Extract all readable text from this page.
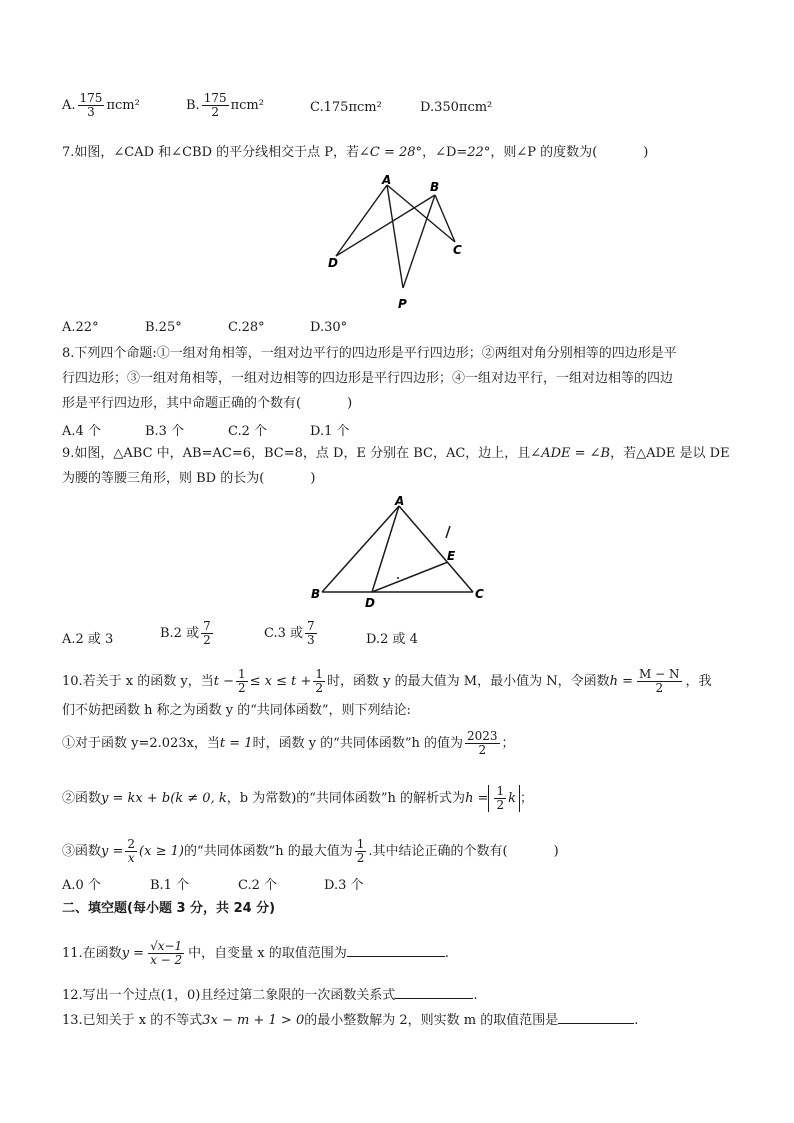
A. $\frac{175}{3} \pi cm^2$	B. $\frac{175}{2} \pi cm^2$	C.175πcm²	D.350πcm²
7.如图，∠CAD 和∠CBD 的平分线相交于点 P，若∠C = 28°，∠D=22°，则∠P 的度数为(	)
A	B
C
D
P
A.22°	B.25°	C.28°	D.30°
8.下列四个命题:①一组对角相等，一组对边平行的四边形是平行四边形；②两组对角分别相等的四边形是平
行四边形；③一组对角相等，一组对边相等的四边形是平行四边形；④一组对边平行，一组对边相等的四边
形是平行四边形，其中命题正确的个数有(	)
A.4 个	B.3 个	C.2 个	D.1 个
9.如图，△ABC 中，AB=AC=6，BC=8，点 D，E 分别在 BC，AC，边上，且∠ADE = ∠B，若△ADE 是以 DE
为腰的等腰三角形，则 BD 的长为(	)
A
B	C
D
E
A.2 或 3	B.2 或 $\frac{7}{2}$	C.3 或 $\frac{7}{3}$	D.2 或 4
10.若关于 x 的函数 y，当$t - \frac{1}{2} \le x \le t + \frac{1}{2}$ 时，函数 y 的最大值为 M，最小值为 N，令函数$h = \frac{M - N}{2}$ ，我
们不妨把函数 h 称之为函数 y 的“共同体函数”，则下列结论:
①对于函数 y=2.023x，当t = 1时，函数 y 的“共同体函数”h 的值为 $\frac{2023}{2}$ ；
②函数y = kx + b(k ≠ 0, k，b 为常数)的“共同体函数”h 的解析式为$h = \frac{1}{2}$ k ；
③函数$y = \frac{2}{x} (x \ge 1)$的“共同体函数”h 的最大值为 $\frac{1}{2}$ .其中结论正确的个数有(	)
A.0 个	B.1 个	C.2 个	D.3 个
二、填空题(每小题 3 分，共 24 分)
11.在函数$y = \frac{√x-1}{x - 2}$ 中，自变量 x 的取值范围为	.
12.写出一个过点(1，0)且经过第二象限的一次函数关系式	.
13.已知关于 x 的不等式3x − m + 1 > 0的最小整数解为 2，则实数 m 的取值范围是	.
